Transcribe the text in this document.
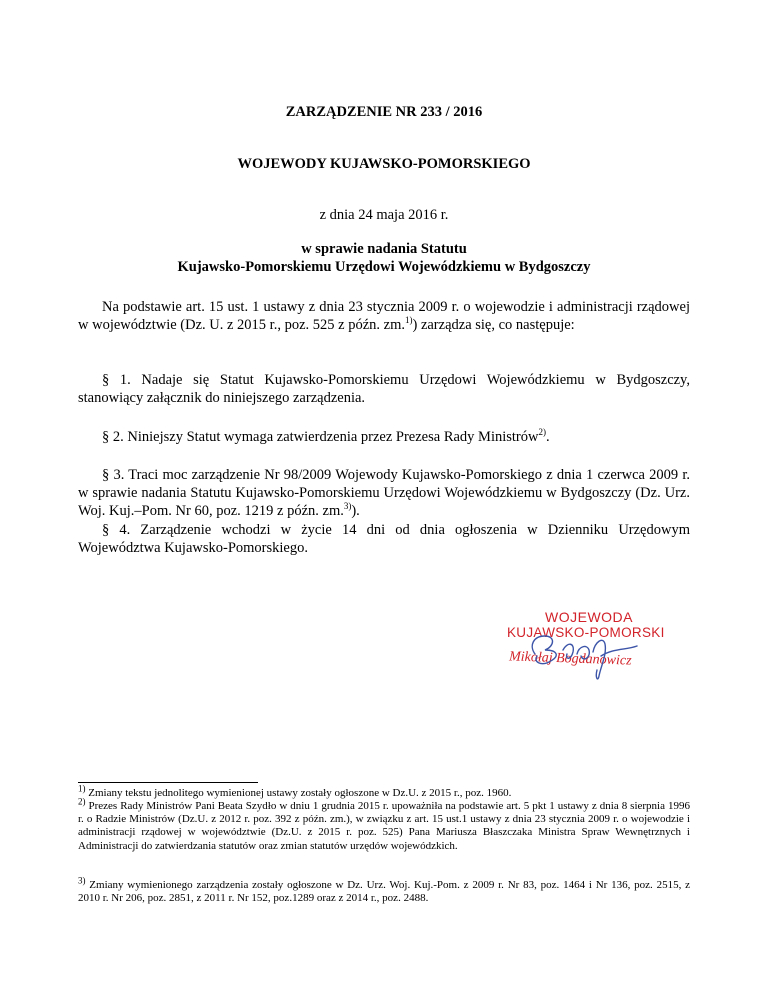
ZARZĄDZENIE NR 233 / 2016
WOJEWODY KUJAWSKO-POMORSKIEGO
z dnia 24 maja 2016 r.
w sprawie nadania Statutu
Kujawsko-Pomorskiemu Urzędowi Wojewódzkiemu w Bydgoszczy
Na podstawie art. 15 ust. 1 ustawy z dnia 23 stycznia 2009 r. o wojewodzie i administracji rządowej w województwie (Dz. U. z 2015 r., poz. 525 z późn. zm.$^{1)}$) zarządza się, co następuje:
§ 1. Nadaje się Statut Kujawsko-Pomorskiemu Urzędowi Wojewódzkiemu w Bydgoszczy, stanowiący załącznik do niniejszego zarządzenia.
§ 2. Niniejszy Statut wymaga zatwierdzenia przez Prezesa Rady Ministrów$^{2)}$.
§ 3. Traci moc zarządzenie Nr 98/2009 Wojewody Kujawsko-Pomorskiego z dnia 1 czerwca 2009 r. w sprawie nadania Statutu Kujawsko-Pomorskiemu Urzędowi Wojewódzkiemu w Bydgoszczy (Dz. Urz. Woj. Kuj.–Pom. Nr 60, poz. 1219 z późn. zm.$^{3)}$).
§ 4. Zarządzenie wchodzi w życie 14 dni od dnia ogłoszenia w Dzienniku Urzędowym Województwa Kujawsko-Pomorskiego.
WOJEWODA
KUJAWSKO-POMORSKI
Mikołaj Bogdanowicz
$^{1)}$ Zmiany tekstu jednolitego wymienionej ustawy zostały ogłoszone w Dz.U. z 2015 r., poz. 1960.
$^{2)}$ Prezes Rady Ministrów Pani Beata Szydło w dniu 1 grudnia 2015 r. upoważniła na podstawie art. 5 pkt 1 ustawy z dnia 8 sierpnia 1996 r. o Radzie Ministrów (Dz.U. z 2012 r. poz. 392 z późn. zm.), w związku z art. 15 ust.1 ustawy z dnia 23 stycznia 2009 r. o wojewodzie i administracji rządowej w województwie (Dz.U. z 2015 r. poz. 525) Pana Mariusza Błaszczaka Ministra Spraw Wewnętrznych i Administracji do zatwierdzania statutów oraz zmian statutów urzędów wojewódzkich.
$^{3)}$ Zmiany wymienionego zarządzenia zostały ogłoszone w Dz. Urz. Woj. Kuj.-Pom. z 2009 r. Nr 83, poz. 1464 i Nr 136, poz. 2515, z 2010 r. Nr 206, poz. 2851, z 2011 r. Nr 152, poz.1289 oraz z 2014 r., poz. 2488.
